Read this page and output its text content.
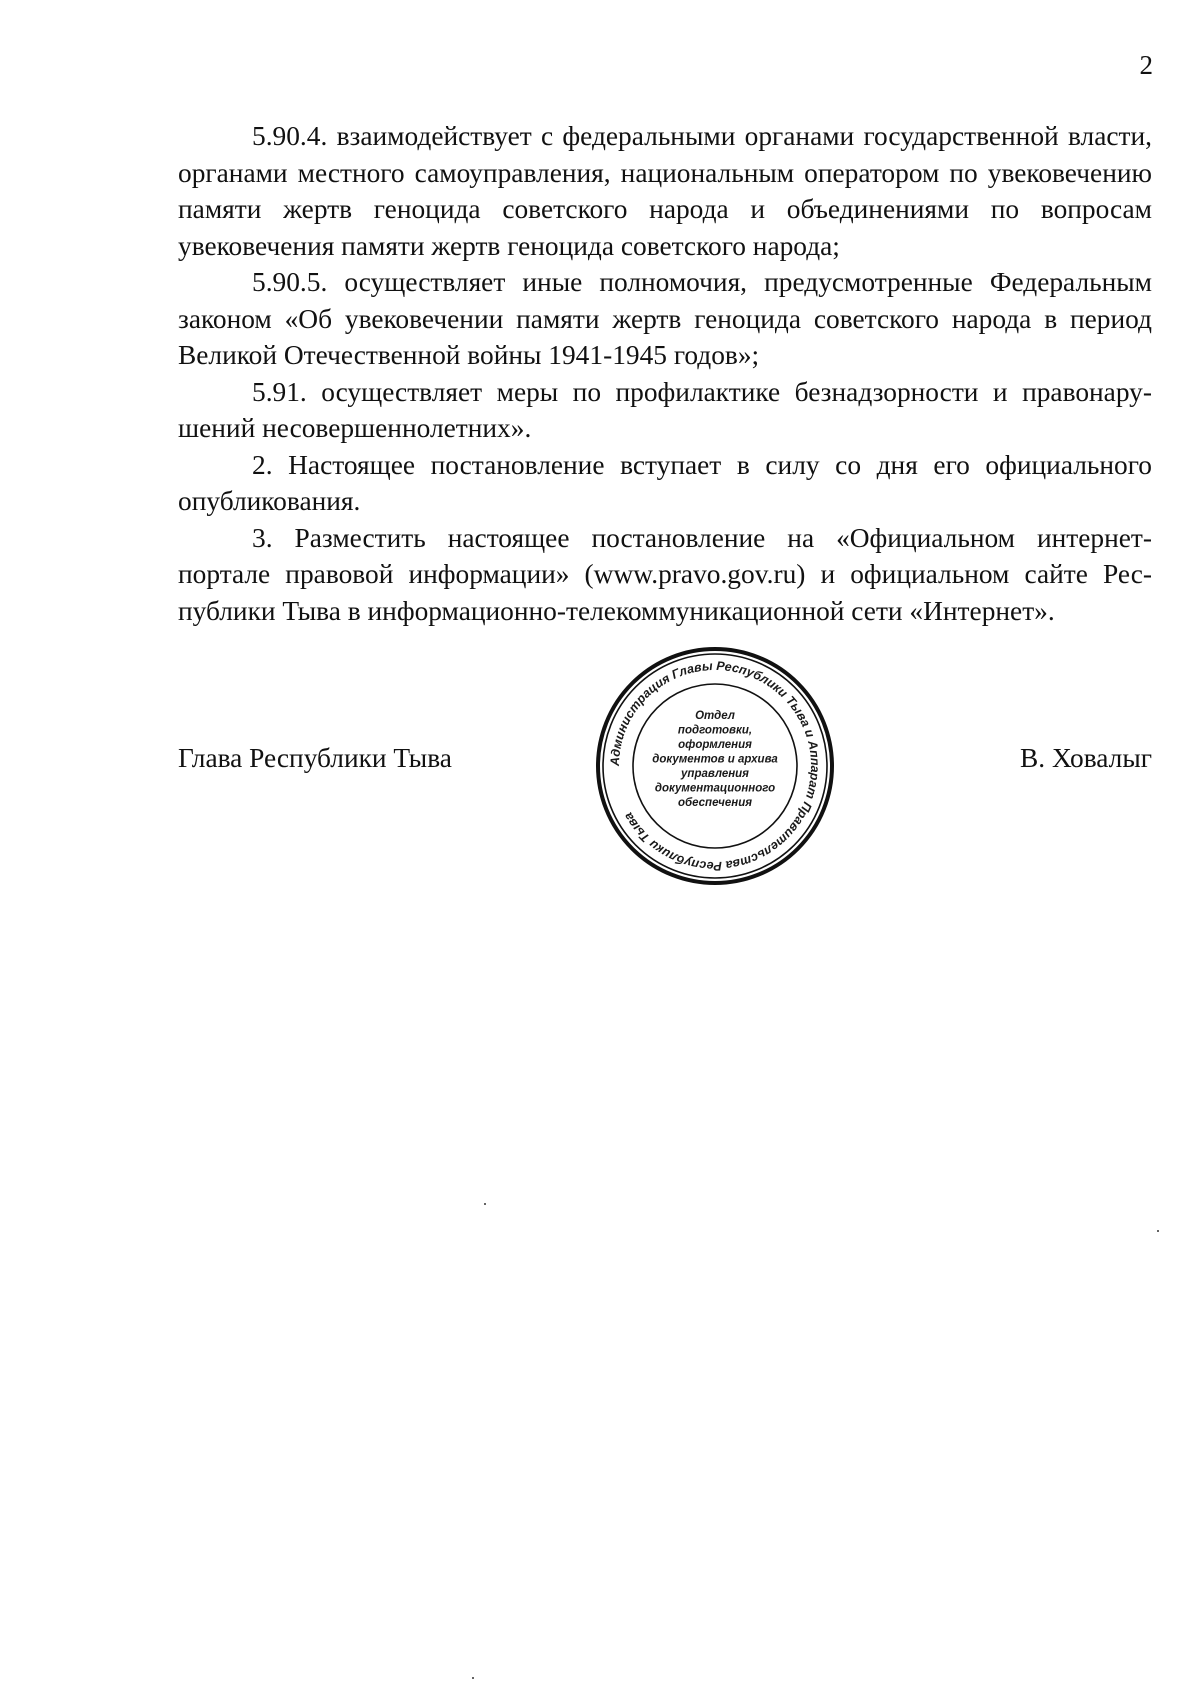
2

5.90.4. взаимодействует с федеральными органами государственной власти, органами местного самоуправления, национальным оператором по увековечению памяти жертв геноцида советского народа и объединениями по вопросам увековечения памяти жертв геноцида советского народа;

5.90.5. осуществляет иные полномочия, предусмотренные Федеральным законом «Об увековечении памяти жертв геноцида советского народа в период Великой Отечественной войны 1941-1945 годов»;

5.91. осуществляет меры по профилактике безнадзорности и правонарушений несовершеннолетних».

2. Настоящее постановление вступает в силу со дня его официального опубликования.

3. Разместить настоящее постановление на «Официальном интернет-портале правовой информации» (www.pravo.gov.ru) и официальном сайте Республики Тыва в информационно-телекоммуникационной сети «Интернет».

Глава Республики Тыва	В. Ховалыг
Администрация Главы Республики Тыва и Аппарат Правительства Республики Тыва
Отдел
подготовки,
оформления
документов и архива
управления
документационного
обеспечения
